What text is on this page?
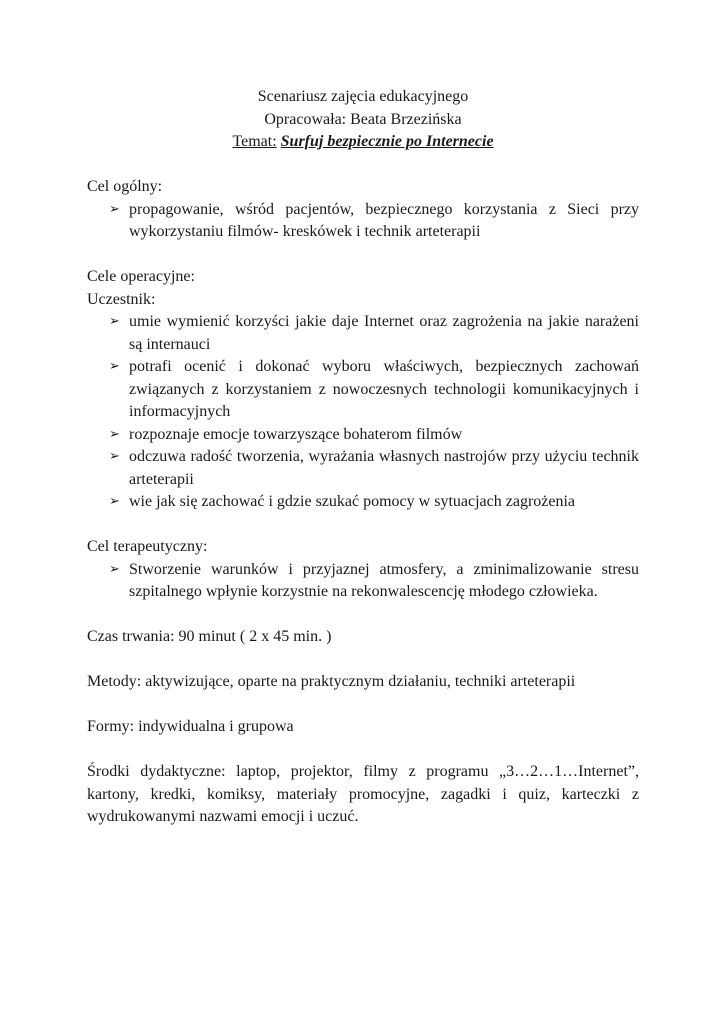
Scenariusz zajęcia edukacyjnego
Opracowała: Beata Brzezińska
Temat: Surfuj bezpiecznie po Internecie
Cel ogólny:
➢ propagowanie, wśród pacjentów, bezpiecznego korzystania z Sieci przy wykorzystaniu filmów- kreskówek i technik arteterapii
Cele operacyjne:
Uczestnik:
➢ umie wymienić korzyści jakie daje Internet oraz zagrożenia na jakie narażeni są internauci
➢ potrafi ocenić i dokonać wyboru właściwych, bezpiecznych zachowań związanych z korzystaniem z nowoczesnych technologii komunikacyjnych i informacyjnych
➢ rozpoznaje emocje towarzyszące bohaterom filmów
➢ odczuwa radość tworzenia, wyrażania własnych nastrojów przy użyciu technik arteterapii
➢ wie jak się zachować i gdzie szukać pomocy w sytuacjach zagrożenia
Cel terapeutyczny:
➢ Stworzenie warunków i przyjaznej atmosfery, a zminimalizowanie stresu szpitalnego wpłynie korzystnie na rekonwalescencję młodego człowieka.
Czas trwania: 90 minut ( 2 x 45 min. )
Metody: aktywizujące, oparte na praktycznym działaniu, techniki arteterapii
Formy: indywidualna i grupowa
Środki dydaktyczne: laptop, projektor, filmy z programu „3…2…1…Internet”, kartony, kredki, komiksy, materiały promocyjne, zagadki i quiz, karteczki z wydrukowanymi nazwami emocji i uczuć.
